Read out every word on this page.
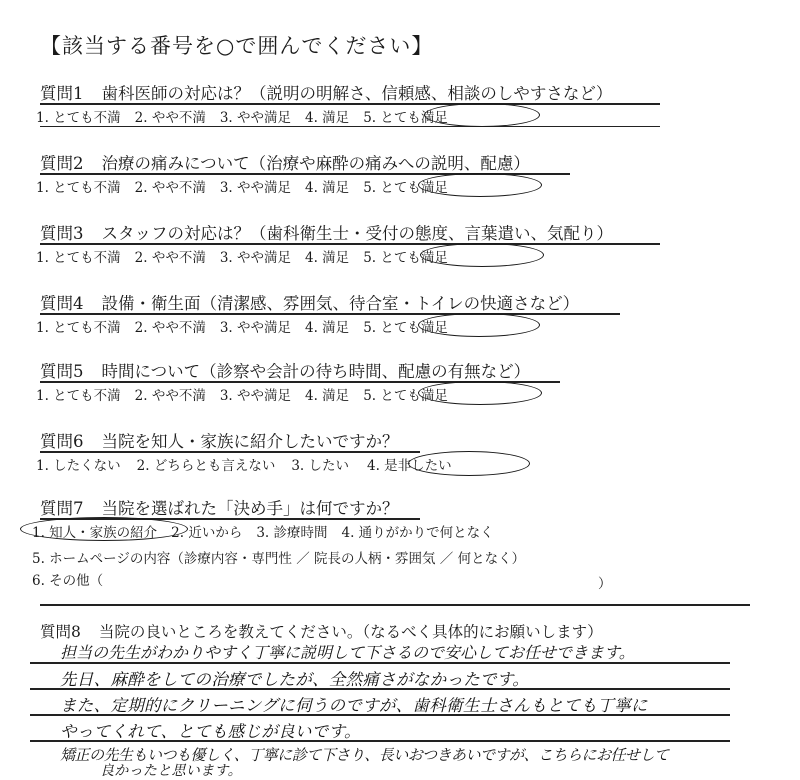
【該当する番号を○で囲んでください】
質問1 歯科医師の対応は？（説明の明解さ、信頼感、相談のしやすさなど）
1. とても不満 2. やや不満 3. やや満足 4. 満足 5. とても満足
質問2 治療の痛みについて（治療や麻酔の痛みへの説明、配慮）
1. とても不満 2. やや不満 3. やや満足 4. 満足 5. とても満足
質問3 スタッフの対応は？（歯科衛生士・受付の態度、言葉遣い、気配り）
1. とても不満 2. やや不満 3. やや満足 4. 満足 5. とても満足
質問4 設備・衛生面（清潔感、雰囲気、待合室・トイレの快適さなど）
1. とても不満 2. やや不満 3. やや満足 4. 満足 5. とても満足
質問5 時間について（診察や会計の待ち時間、配慮の有無など）
1. とても不満 2. やや不満 3. やや満足 4. 満足 5. とても満足
質問6 当院を知人・家族に紹介したいですか？
1. したくない 2. どちらとも言えない 3. したい 4. 是非したい
質問7 当院を選ばれた「決め手」は何ですか？
1. 知人・家族の紹介 2. 近いから 3. 診療時間 4. 通りがかりで何となく
5. ホームページの内容（診療内容・専門性 ／ 院長の人柄・雰囲気 ／ 何となく）
6. その他（	）
質問8 当院の良いところを教えてください。（なるべく具体的にお願いします）
担当の先生がわかりやすく丁寧に説明して下さるので安心してお任せできます。
先日、麻酔をしての治療でしたが、全然痛さがなかったです。
また、定期的にクリーニングに伺うのですが、歯科衛生士さんもとても丁寧に
やってくれて、とても感じが良いです。
矯正の先生もいつも優しく、丁寧に診て下さり、長いおつきあいですが、こちらにお任せして
良かったと思います。
